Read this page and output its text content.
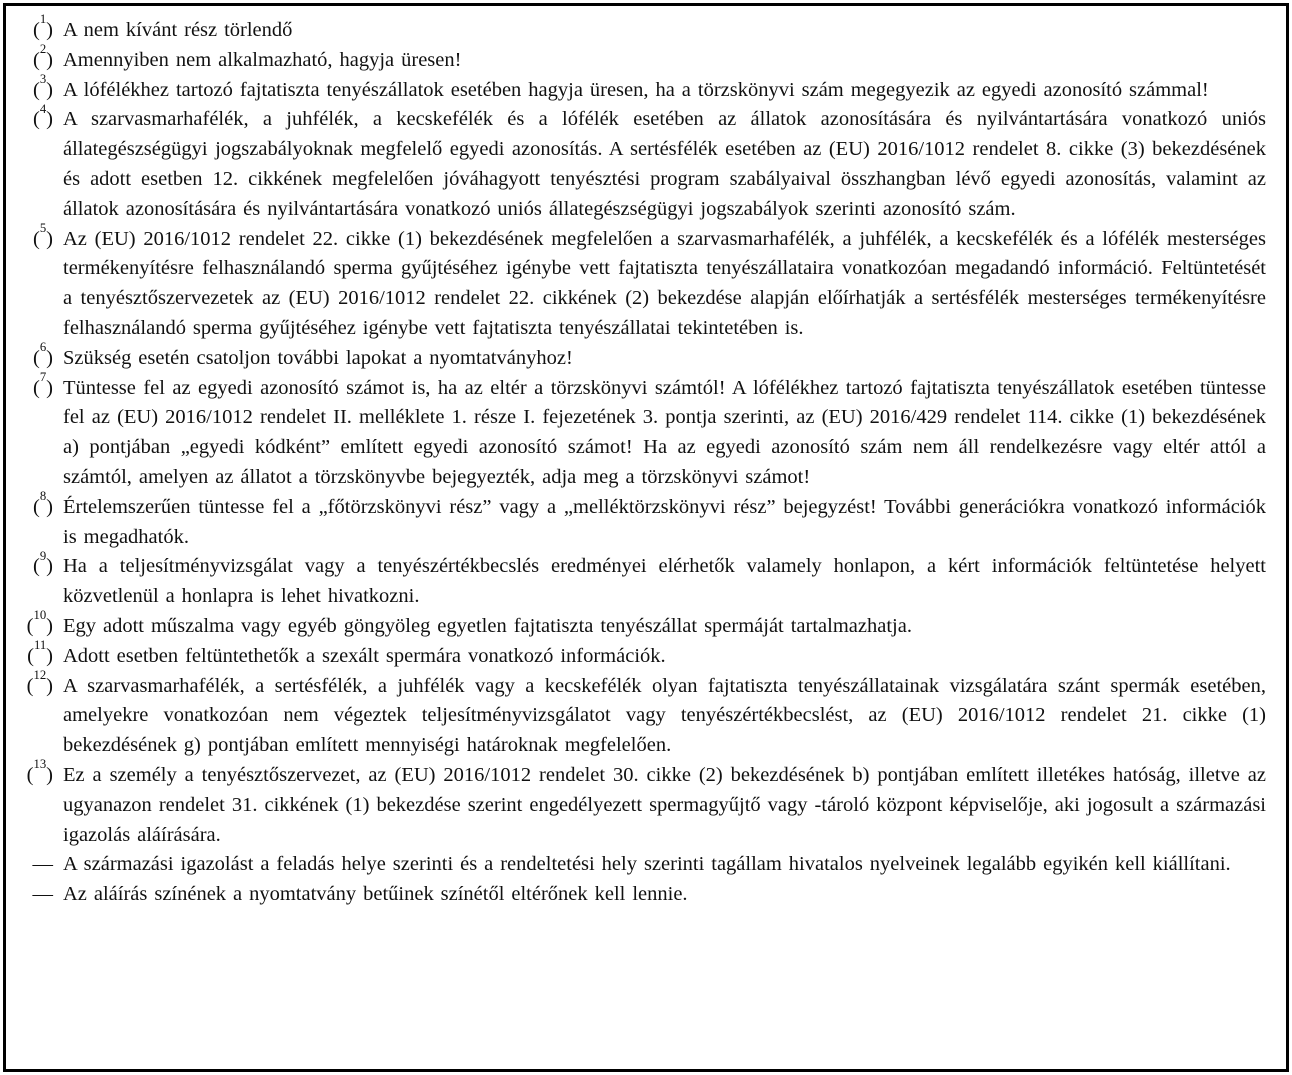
($^1$) A nem kívánt rész törlendő
($^2$) Amennyiben nem alkalmazható, hagyja üresen!
($^3$) A lófélékhez tartozó fajtatiszta tenyészállatok esetében hagyja üresen, ha a törzskönyvi szám megegyezik az egyedi azonosító számmal!
($^4$) A szarvasmarhafélék, a juhfélék, a kecskefélék és a lófélék esetében az állatok azonosítására és nyilvántartására vonatkozó uniós állategészségügyi jogszabályoknak megfelelő egyedi azonosítás. A sertésfélék esetében az (EU) 2016/1012 rendelet 8. cikke (3) bekezdésének és adott esetben 12. cikkének megfelelően jóváhagyott tenyésztési program szabályaival összhangban lévő egyedi azonosítás, valamint az állatok azonosítására és nyilvántartására vonatkozó uniós állategészségügyi jogszabályok szerinti azonosító szám.
($^5$) Az (EU) 2016/1012 rendelet 22. cikke (1) bekezdésének megfelelően a szarvasmarhafélék, a juhfélék, a kecskefélék és a lófélék mesterséges termékenyítésre felhasználandó sperma gyűjtéséhez igénybe vett fajtatiszta tenyészállataira vonatkozóan megadandó információ. Feltüntetését a tenyésztőszervezetek az (EU) 2016/1012 rendelet 22. cikkének (2) bekezdése alapján előírhatják a sertésfélék mesterséges termékenyítésre felhasználandó sperma gyűjtéséhez igénybe vett fajtatiszta tenyészállatai tekintetében is.
($^6$) Szükség esetén csatoljon további lapokat a nyomtatványhoz!
($^7$) Tüntesse fel az egyedi azonosító számot is, ha az eltér a törzskönyvi számtól! A lófélékhez tartozó fajtatiszta tenyészállatok esetében tüntesse fel az (EU) 2016/1012 rendelet II. melléklete 1. része I. fejezetének 3. pontja szerinti, az (EU) 2016/429 rendelet 114. cikke (1) bekezdésének a) pontjában „egyedi kódként” említett egyedi azonosító számot! Ha az egyedi azonosító szám nem áll rendelkezésre vagy eltér attól a számtól, amelyen az állatot a törzskönyvbe bejegyezték, adja meg a törzskönyvi számot!
($^8$) Értelemszerűen tüntesse fel a „főtörzskönyvi rész” vagy a „melléktörzskönyvi rész” bejegyzést! További generációkra vonatkozó információk is megadhatók.
($^9$) Ha a teljesítményvizsgálat vagy a tenyészértékbecslés eredményei elérhetők valamely honlapon, a kért információk feltüntetése helyett közvetlenül a honlapra is lehet hivatkozni.
($^{10}$) Egy adott műszalma vagy egyéb göngyöleg egyetlen fajtatiszta tenyészállat spermáját tartalmazhatja.
($^{11}$) Adott esetben feltüntethetők a szexált spermára vonatkozó információk.
($^{12}$) A szarvasmarhafélék, a sertésfélék, a juhfélék vagy a kecskefélék olyan fajtatiszta tenyészállatainak vizsgálatára szánt spermák esetében, amelyekre vonatkozóan nem végeztek teljesítményvizsgálatot vagy tenyészértékbecslést, az (EU) 2016/1012 rendelet 21. cikke (1) bekezdésének g) pontjában említett mennyiségi határoknak megfelelően.
($^{13}$) Ez a személy a tenyésztőszervezet, az (EU) 2016/1012 rendelet 30. cikke (2) bekezdésének b) pontjában említett illetékes hatóság, illetve az ugyanazon rendelet 31. cikkének (1) bekezdése szerint engedélyezett spermagyűjtő vagy -tároló központ képviselője, aki jogosult a származási igazolás aláírására.
— A származási igazolást a feladás helye szerinti és a rendeltetési hely szerinti tagállam hivatalos nyelveinek legalább egyikén kell kiállítani.
— Az aláírás színének a nyomtatvány betűinek színétől eltérőnek kell lennie.
